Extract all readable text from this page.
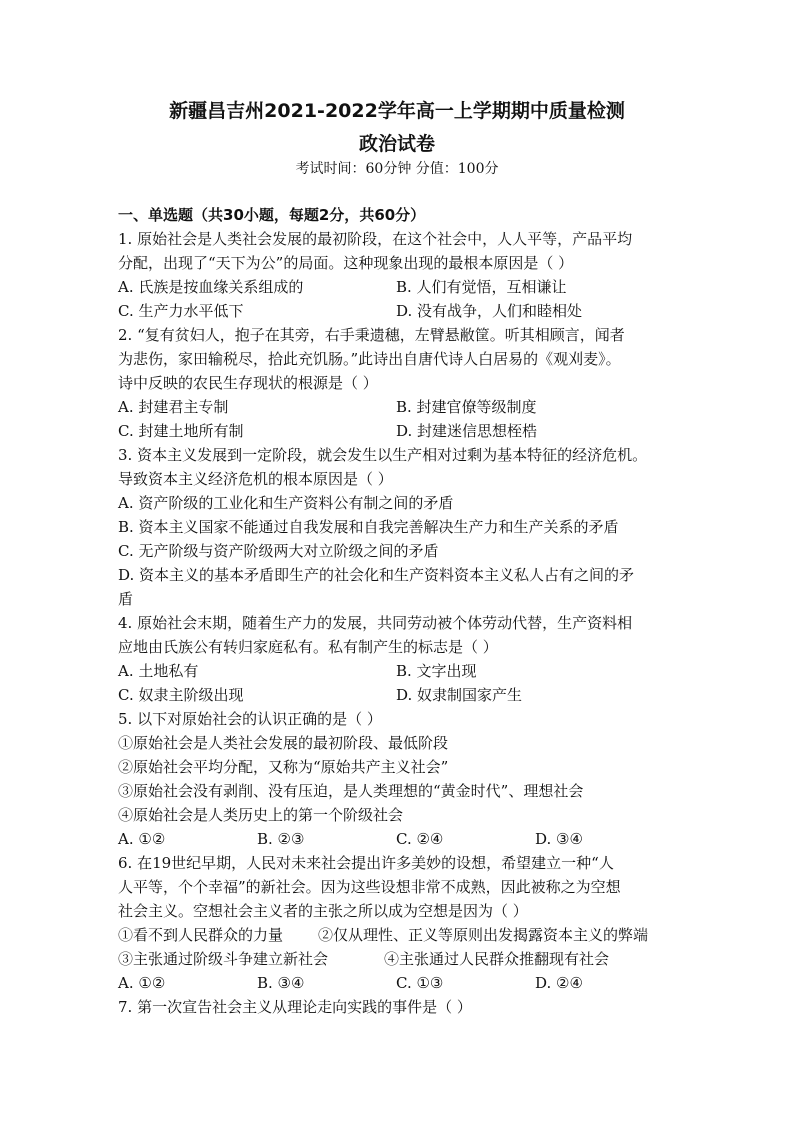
新疆昌吉州2021-2022学年高一上学期期中质量检测
政治试卷
考试时间：60分钟 分值：100分
一、单选题（共30小题，每题2分，共60分）
1. 原始社会是人类社会发展的最初阶段，在这个社会中，人人平等，产品平均
分配，出现了“天下为公”的局面。这种现象出现的最根本原因是（ ）
A. 氏族是按血缘关系组成的	B. 人们有觉悟，互相谦让
C. 生产力水平低下	D. 没有战争，人们和睦相处
2. “复有贫妇人，抱子在其旁，右手秉遗穗，左臂悬敝筐。听其相顾言，闻者
为悲伤，家田输税尽，拾此充饥肠。”此诗出自唐代诗人白居易的《观刈麦》。
诗中反映的农民生存现状的根源是（ ）
A. 封建君主专制	B. 封建官僚等级制度
C. 封建土地所有制	D. 封建迷信思想桎梏
3. 资本主义发展到一定阶段，就会发生以生产相对过剩为基本特征的经济危机。
导致资本主义经济危机的根本原因是（ ）
A. 资产阶级的工业化和生产资料公有制之间的矛盾
B. 资本主义国家不能通过自我发展和自我完善解决生产力和生产关系的矛盾
C. 无产阶级与资产阶级两大对立阶级之间的矛盾
D. 资本主义的基本矛盾即生产的社会化和生产资料资本主义私人占有之间的矛
盾
4. 原始社会末期，随着生产力的发展，共同劳动被个体劳动代替，生产资料相
应地由氏族公有转归家庭私有。私有制产生的标志是（ ）
A. 土地私有	B. 文字出现
C. 奴隶主阶级出现	D. 奴隶制国家产生
5. 以下对原始社会的认识正确的是（ ）
①原始社会是人类社会发展的最初阶段、最低阶段
②原始社会平均分配，又称为“原始共产主义社会”
③原始社会没有剥削、没有压迫，是人类理想的“黄金时代”、理想社会
④原始社会是人类历史上的第一个阶级社会
A. ①②	B. ②③	C. ②④	D. ③④
6. 在19世纪早期，人民对未来社会提出许多美妙的设想，希望建立一种“人
人平等，个个幸福”的新社会。因为这些设想非常不成熟，因此被称之为空想
社会主义。空想社会主义者的主张之所以成为空想是因为（ ）
①看不到人民群众的力量 ②仅从理性、正义等原则出发揭露资本主义的弊端
③主张通过阶级斗争建立新社会	④主张通过人民群众推翻现有社会
A. ①②	B. ③④	C. ①③	D. ②④
7. 第一次宣告社会主义从理论走向实践的事件是（ ）
